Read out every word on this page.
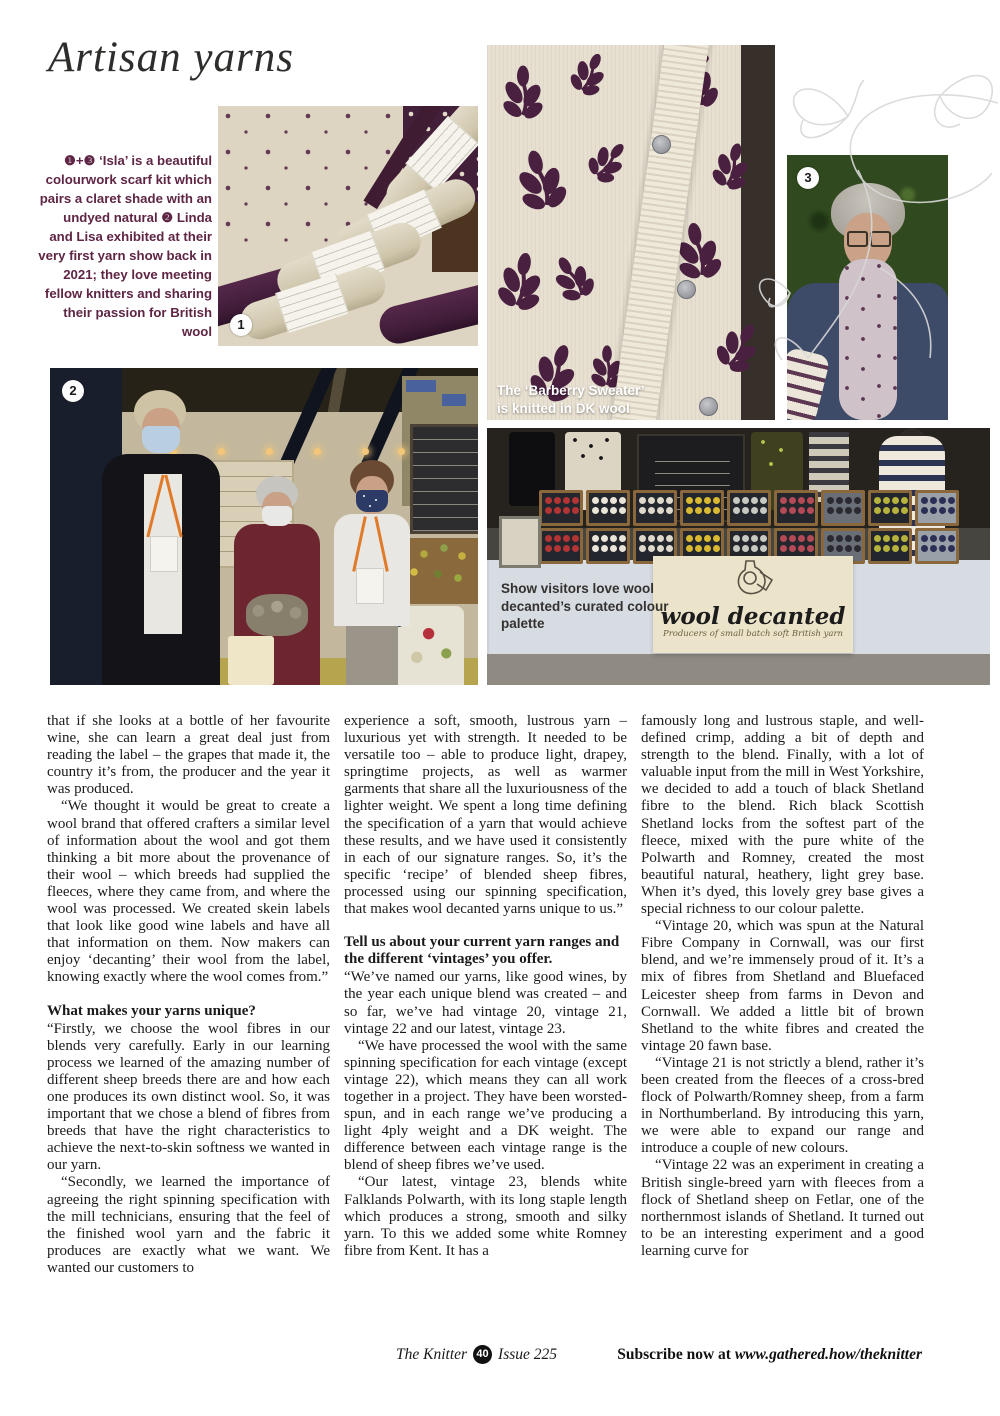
Artisan yarns
❶+❸ ‘Isla’ is a beautiful colourwork scarf kit which pairs a claret shade with an undyed natural ❷ Linda and Lisa exhibited at their very first yarn show back in 2021; they love meeting fellow knitters and sharing their passion for British wool	1
The ‘Barberry Sweater’ is knitted in DK wool
3
2
wool decanted
Producers of small batch soft British yarn
Show visitors love wool decanted’s curated colour palette

that if she looks at a bottle of her favourite wine, she can learn a great deal just from reading the label – the grapes that made it, the country it’s from, the producer and the year it was produced.

“We thought it would be great to create a wool brand that offered crafters a similar level of information about the wool and got them thinking a bit more about the provenance of their wool – which breeds had supplied the fleeces, where they came from, and where the wool was processed. We created skein labels that look like good wine labels and have all that information on them. Now makers can enjoy ‘decanting’ their wool from the label, knowing exactly where the wool comes from.”

What makes your yarns unique?

“Firstly, we choose the wool fibres in our blends very carefully. Early in our learning process we learned of the amazing number of different sheep breeds there are and how each one produces its own distinct wool. So, it was important that we chose a blend of fibres from breeds that have the right characteristics to achieve the next-to-skin softness we wanted in our yarn.

“Secondly, we learned the importance of agreeing the right spinning specification with the mill technicians, ensuring that the feel of the finished wool yarn and the fabric it produces are exactly what we want. We wanted our customers to

experience a soft, smooth, lustrous yarn – luxurious yet with strength. It needed to be versatile too – able to produce light, drapey, springtime projects, as well as warmer garments that share all the luxuriousness of the lighter weight. We spent a long time defining the specification of a yarn that would achieve these results, and we have used it consistently in each of our signature ranges. So, it’s the specific ‘recipe’ of blended sheep fibres, processed using our spinning specification, that makes wool decanted yarns unique to us.”

Tell us about your current yarn ranges and the different ‘vintages’ you offer.

“We’ve named our yarns, like good wines, by the year each unique blend was created – and so far, we’ve had vintage 20, vintage 21, vintage 22 and our latest, vintage 23.

“We have processed the wool with the same spinning specification for each vintage (except vintage 22), which means they can all work together in a project. They have been worsted-spun, and in each range we’ve producing a light 4ply weight and a DK weight. The difference between each vintage range is the blend of sheep fibres we’ve used.

“Our latest, vintage 23, blends white Falklands Polwarth, with its long staple length which produces a strong, smooth and silky yarn. To this we added some white Romney fibre from Kent. It has a

famously long and lustrous staple, and well-defined crimp, adding a bit of depth and strength to the blend. Finally, with a lot of valuable input from the mill in West Yorkshire, we decided to add a touch of black Shetland fibre to the blend. Rich black Scottish Shetland locks from the softest part of the fleece, mixed with the pure white of the Polwarth and Romney, created the most beautiful natural, heathery, light grey base. When it’s dyed, this lovely grey base gives a special richness to our colour palette.

“Vintage 20, which was spun at the Natural Fibre Company in Cornwall, was our first blend, and we’re immensely proud of it. It’s a mix of fibres from Shetland and Bluefaced Leicester sheep from farms in Devon and Cornwall. We added a little bit of brown Shetland to the white fibres and created the vintage 20 fawn base.

“Vintage 21 is not strictly a blend, rather it’s been created from the fleeces of a cross-bred flock of Polwarth/Romney sheep, from a farm in Northumberland. By introducing this yarn, we were able to expand our range and introduce a couple of new colours.

“Vintage 22 was an experiment in creating a British single-breed yarn with fleeces from a flock of Shetland sheep on Fetlar, one of the northernmost islands of Shetland. It turned out to be an interesting experiment and a good learning curve for

The Knitter 40 Issue 225	Subscribe now at www.gathered.how/theknitter
